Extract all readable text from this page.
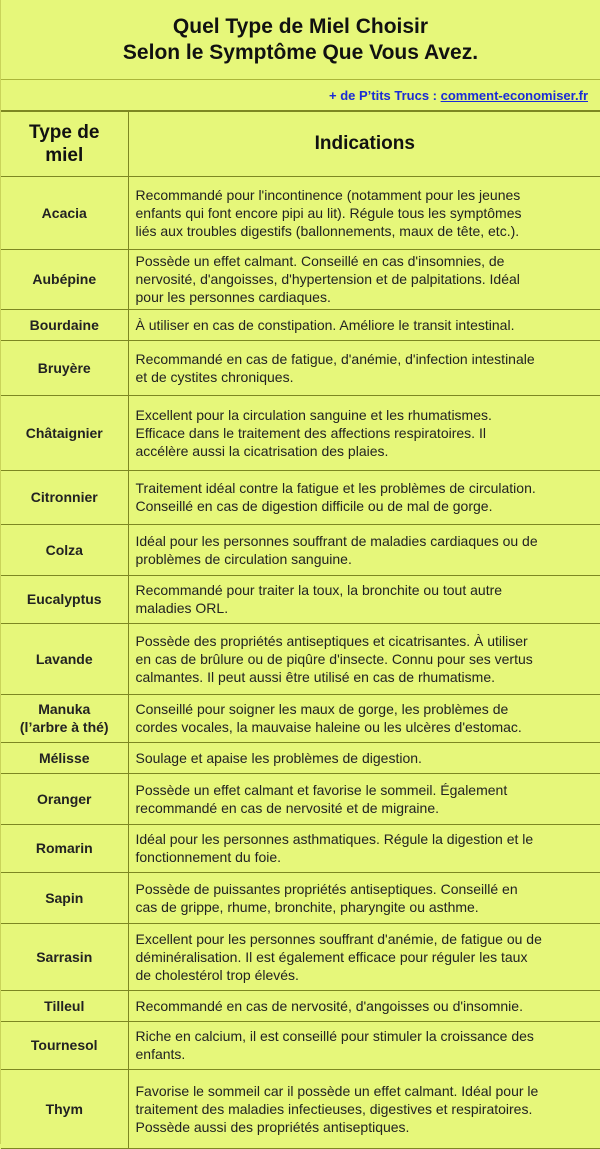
Quel Type de Miel Choisir
Selon le Symptôme Que Vous Avez.
+ de P’tits Trucs : comment-economiser.fr
Type de
miel	Indications
Acacia	Recommandé pour l'incontinence (notamment pour les jeunes
enfants qui font encore pipi au lit). Régule tous les symptômes
liés aux troubles digestifs (ballonnements, maux de tête, etc.).
Aubépine	Possède un effet calmant. Conseillé en cas d'insomnies, de
nervosité, d'angoisses, d'hypertension et de palpitations. Idéal
pour les personnes cardiaques.
Bourdaine	À utiliser en cas de constipation. Améliore le transit intestinal.
Bruyère	Recommandé en cas de fatigue, d'anémie, d'infection intestinale
et de cystites chroniques.
Châtaignier	Excellent pour la circulation sanguine et les rhumatismes.
Efficace dans le traitement des affections respiratoires. Il
accélère aussi la cicatrisation des plaies.
Citronnier	Traitement idéal contre la fatigue et les problèmes de circulation.
Conseillé en cas de digestion difficile ou de mal de gorge.
Colza	Idéal pour les personnes souffrant de maladies cardiaques ou de
problèmes de circulation sanguine.
Eucalyptus	Recommandé pour traiter la toux, la bronchite ou tout autre
maladies ORL.
Lavande	Possède des propriétés antiseptiques et cicatrisantes. À utiliser
en cas de brûlure ou de piqûre d'insecte. Connu pour ses vertus
calmantes. Il peut aussi être utilisé en cas de rhumatisme.
Manuka
(l’arbre à thé)	Conseillé pour soigner les maux de gorge, les problèmes de
cordes vocales, la mauvaise haleine ou les ulcères d'estomac.
Mélisse	Soulage et apaise les problèmes de digestion.
Oranger	Possède un effet calmant et favorise le sommeil. Également
recommandé en cas de nervosité et de migraine.
Romarin	Idéal pour les personnes asthmatiques. Régule la digestion et le
fonctionnement du foie.
Sapin	Possède de puissantes propriétés antiseptiques. Conseillé en
cas de grippe, rhume, bronchite, pharyngite ou asthme.
Sarrasin	Excellent pour les personnes souffrant d'anémie, de fatigue ou de
déminéralisation. Il est également efficace pour réguler les taux
de cholestérol trop élevés.
Tilleul	Recommandé en cas de nervosité, d'angoisses ou d'insomnie.
Tournesol	Riche en calcium, il est conseillé pour stimuler la croissance des
enfants.
Thym	Favorise le sommeil car il possède un effet calmant. Idéal pour le
traitement des maladies infectieuses, digestives et respiratoires.
Possède aussi des propriétés antiseptiques.
